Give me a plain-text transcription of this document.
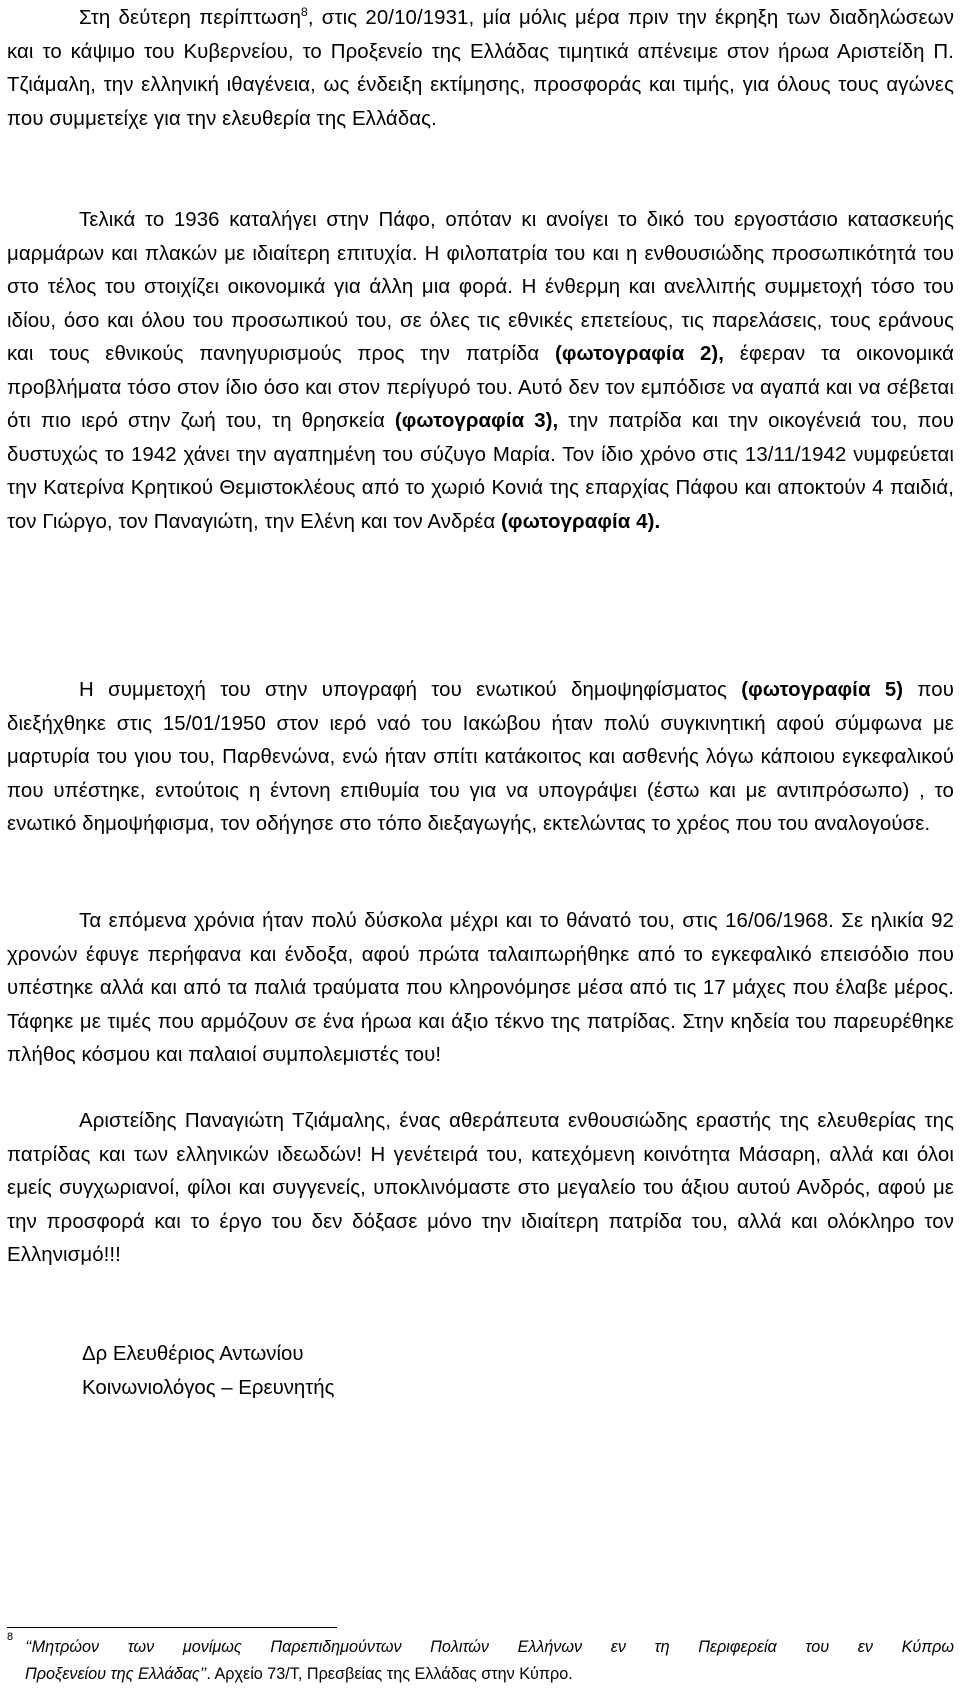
Στη δεύτερη περίπτωση$^8$, στις 20/10/1931, μία μόλις μέρα πριν την έκρηξη των διαδηλώσεων και το κάψιμο του Κυβερνείου, το Προξενείο της Ελλάδας τιμητικά απένειμε στον ήρωα Αριστείδη Π. Τζιάμαλη, την ελληνική ιθαγένεια, ως ένδειξη εκτίμησης, προσφοράς και τιμής, για όλους τους αγώνες που συμμετείχε για την ελευθερία της Ελλάδας.

Τελικά το 1936 καταλήγει στην Πάφο, οπόταν κι ανοίγει το δικό του εργοστάσιο κατασκευής μαρμάρων και πλακών με ιδιαίτερη επιτυχία. Η φιλοπατρία του και η ενθουσιώδης προσωπικότητά του στο τέλος του στοιχίζει οικονομικά για άλλη μια φορά. Η ένθερμη και ανελλιπής συμμετοχή τόσο του ιδίου, όσο και όλου του προσωπικού του, σε όλες τις εθνικές επετείους, τις παρελάσεις, τους εράνους και τους εθνικούς πανηγυρισμούς προς την πατρίδα (φωτογραφία 2), έφεραν τα οικονομικά προβλήματα τόσο στον ίδιο όσο και στον περίγυρό του. Αυτό δεν τον εμπόδισε να αγαπά και να σέβεται ότι πιο ιερό στην ζωή του, τη θρησκεία (φωτογραφία 3), την πατρίδα και την οικογένειά του, που δυστυχώς το 1942 χάνει την αγαπημένη του σύζυγο Μαρία. Τον ίδιο χρόνο στις 13/11/1942 νυμφεύεται την Κατερίνα Κρητικού Θεμιστοκλέους από το χωριό Κονιά της επαρχίας Πάφου και αποκτούν 4 παιδιά, τον Γιώργο, τον Παναγιώτη, την Ελένη και τον Ανδρέα (φωτογραφία 4).

Η συμμετοχή του στην υπογραφή του ενωτικού δημοψηφίσματος (φωτογραφία 5) που διεξήχθηκε στις 15/01/1950 στον ιερό ναό του Ιακώβου ήταν πολύ συγκινητική αφού σύμφωνα με μαρτυρία του γιου του, Παρθενώνα, ενώ ήταν σπίτι κατάκοιτος και ασθενής λόγω κάποιου εγκεφαλικού που υπέστηκε, εντούτοις η έντονη επιθυμία του για να υπογράψει (έστω και με αντιπρόσωπο) , το ενωτικό δημοψήφισμα, τον οδήγησε στο τόπο διεξαγωγής, εκτελώντας το χρέος που του αναλογούσε.

Τα επόμενα χρόνια ήταν πολύ δύσκολα μέχρι και το θάνατό του, στις 16/06/1968. Σε ηλικία 92 χρονών έφυγε περήφανα και ένδοξα, αφού πρώτα ταλαιπωρήθηκε από το εγκεφαλικό επεισόδιο που υπέστηκε αλλά και από τα παλιά τραύματα που κληρονόμησε μέσα από τις 17 μάχες που έλαβε μέρος. Τάφηκε με τιμές που αρμόζουν σε ένα ήρωα και άξιο τέκνο της πατρίδας. Στην κηδεία του παρευρέθηκε πλήθος κόσμου και παλαιοί συμπολεμιστές του!

Αριστείδης Παναγιώτη Τζιάμαλης, ένας αθεράπευτα ενθουσιώδης εραστής της ελευθερίας της πατρίδας και των ελληνικών ιδεωδών! Η γενέτειρά του, κατεχόμενη κοινότητα Μάσαρη, αλλά και όλοι εμείς συγχωριανοί, φίλοι και συγγενείς, υποκλινόμαστε στο μεγαλείο του άξιου αυτού Ανδρός, αφού με την προσφορά και το έργο του δεν δόξασε μόνο την ιδιαίτερη πατρίδα του, αλλά και ολόκληρο τον Ελληνισμό!!!

Δρ Ελευθέριος Αντωνίου
Κοινωνιολόγος – Ερευνητής
8
‘‘Μητρώον των μονίμως Παρεπιδημούντων Πολιτών Ελλήνων εν τη Περιφερεία του εν Κύπρω
Προξενείου της Ελλάδας’’. Αρχείο 73/Τ, Πρεσβείας της Ελλάδας στην Κύπρο.
